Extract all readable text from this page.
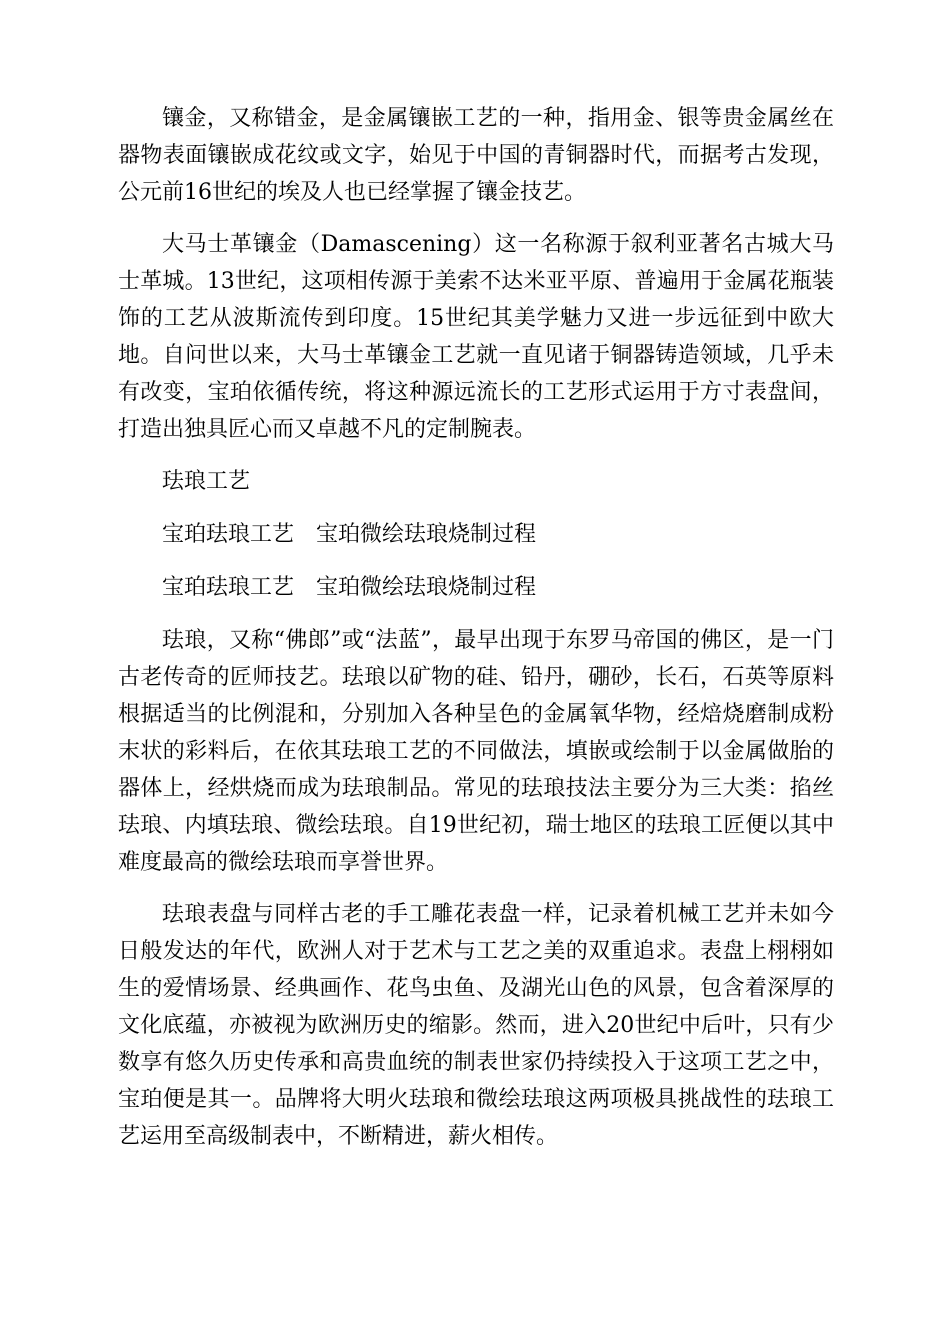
镶金，又称错金，是金属镶嵌工艺的一种，指用金、银等贵金属丝在器物表面镶嵌成花纹或文字，始见于中国的青铜器时代，而据考古发现，公元前16世纪的埃及人也已经掌握了镶金技艺。

大马士革镶金（Damascening）这一名称源于叙利亚著名古城大马士革城。13世纪，这项相传源于美索不达米亚平原、普遍用于金属花瓶装饰的工艺从波斯流传到印度。15世纪其美学魅力又进一步远征到中欧大地。自问世以来，大马士革镶金工艺就一直见诸于铜器铸造领域，几乎未有改变，宝珀依循传统，将这种源远流长的工艺形式运用于方寸表盘间，打造出独具匠心而又卓越不凡的定制腕表。

珐琅工艺

宝珀珐琅工艺　宝珀微绘珐琅烧制过程

宝珀珐琅工艺　宝珀微绘珐琅烧制过程

珐琅，又称“佛郎”或“法蓝”，最早出现于东罗马帝国的佛区，是一门古老传奇的匠师技艺。珐琅以矿物的硅、铅丹，硼砂，长石，石英等原料根据适当的比例混和，分别加入各种呈色的金属氧华物，经焙烧磨制成粉末状的彩料后，在依其珐琅工艺的不同做法，填嵌或绘制于以金属做胎的器体上，经烘烧而成为珐琅制品。常见的珐琅技法主要分为三大类：掐丝珐琅、内填珐琅、微绘珐琅。自19世纪初，瑞士地区的珐琅工匠便以其中难度最高的微绘珐琅而享誉世界。

珐琅表盘与同样古老的手工雕花表盘一样，记录着机械工艺并未如今日般发达的年代，欧洲人对于艺术与工艺之美的双重追求。表盘上栩栩如生的爱情场景、经典画作、花鸟虫鱼、及湖光山色的风景，包含着深厚的文化底蕴，亦被视为欧洲历史的缩影。然而，进入20世纪中后叶，只有少数享有悠久历史传承和高贵血统的制表世家仍持续投入于这项工艺之中，宝珀便是其一。品牌将大明火珐琅和微绘珐琅这两项极具挑战性的珐琅工艺运用至高级制表中，不断精进，薪火相传。
